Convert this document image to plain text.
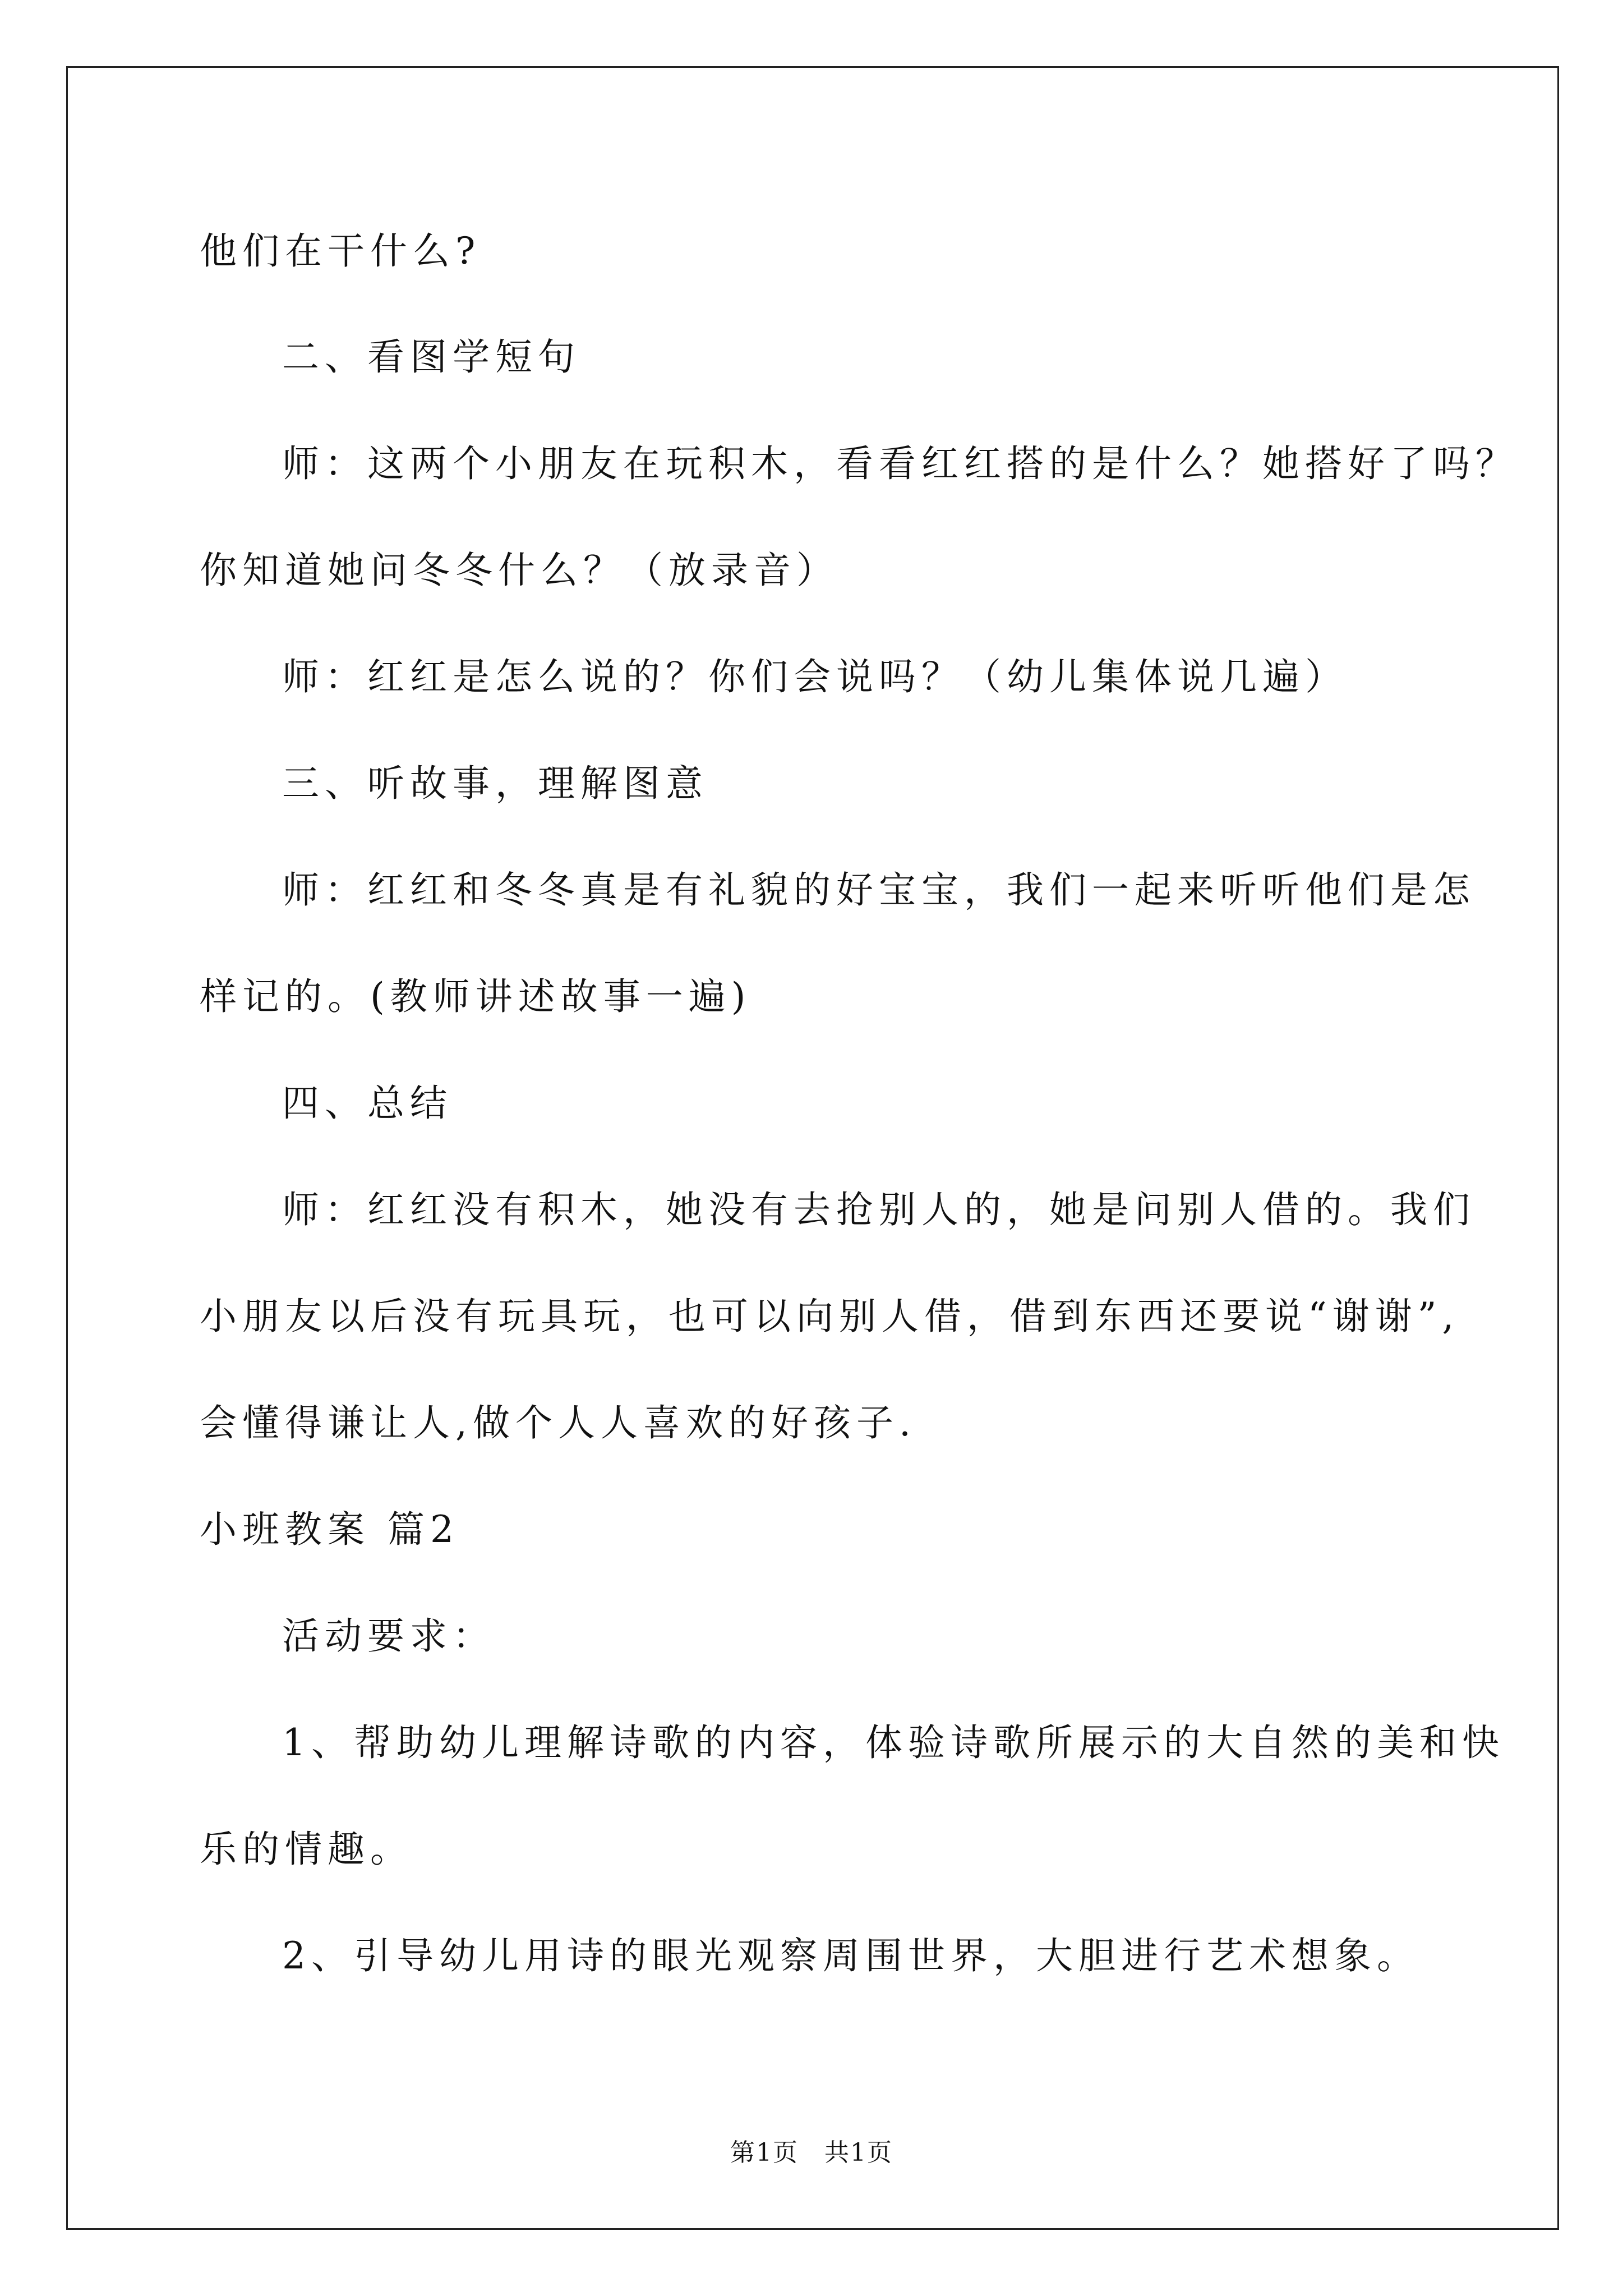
他们在干什么?
二、看图学短句
师：这两个小朋友在玩积木，看看红红搭的是什么？她搭好了吗？
你知道她问冬冬什么？（放录音）
师：红红是怎么说的？你们会说吗？（幼儿集体说几遍）
三、听故事，理解图意
师：红红和冬冬真是有礼貌的好宝宝，我们一起来听听他们是怎
样记的。(教师讲述故事一遍)
四、总结
师：红红没有积木，她没有去抢别人的，她是问别人借的。我们
小朋友以后没有玩具玩，也可以向别人借，借到东西还要说“谢谢”,
会懂得谦让人,做个人人喜欢的好孩子.
小班教案 篇2
活动要求：
1、帮助幼儿理解诗歌的内容，体验诗歌所展示的大自然的美和快
乐的情趣。
2、引导幼儿用诗的眼光观察周围世界，大胆进行艺术想象。
第1页　共1页
